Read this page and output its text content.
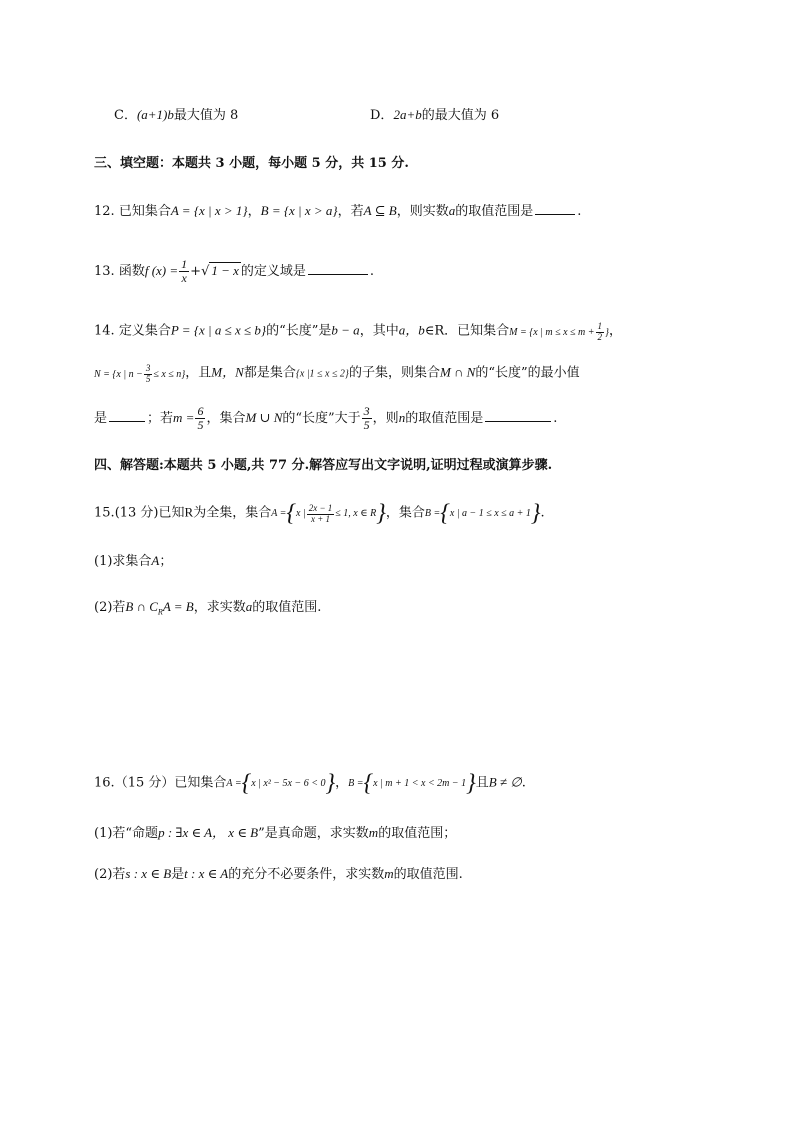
C．(a+1)b最大值为 8	D．2a+b的最大值为 6
三、填空题：本题共 3 小题，每小题 5 分，共 15 分.
12. 已知集合A = {x | x > 1}，B = {x | x > a}，若A ⊆ B，则实数a的取值范围是	.
13. 函数f $(x) = \frac{1}{x}$ +√ 1 − x 的定义域是	.
14. 定义集合P = {x | a ≤ x ≤ b}的“长度”是b − a，其中a，b∈R．已知集合M = {x | $m \le x \le m + \frac{1}{2}$ }，
N = {x | $n - \frac{3}{5} \le x \le n$}，且M，N都是集合{x |1 ≤ x ≤ 2}的子集，则集合M ∩ N的“长度”的最小值
是	；若$m = \frac{6}{5}$ ，集合M ∪ N的“长度”大于 $\frac{3}{5}$ ，则n的取值范围是	.
四、解答题:本题共 5 小题,共 77 分.解答应写出文字说明,证明过程或演算步骤.
15.(13 分)已知R为全集，集合A ={x | $\frac{2x - 1}{x + 1} \le 1$, x ∈ R}，集合B ={x | a − 1 ≤ x ≤ a + 1}.
(1)求集合A；
(2)若B ∩ $C_RA = B$，求实数a的取值范围.
16.（15 分）已知集合A ={x | x² − 5x − 6 < 0}，B ={x | m + 1 < x < 2m − 1}且B ≠ ∅.
(1)若“命题p : ∃x ∈ A， x ∈ B”是真命题，求实数m的取值范围；
(2)若s : x ∈ B是t : x ∈ A的充分不必要条件，求实数m的取值范围.
